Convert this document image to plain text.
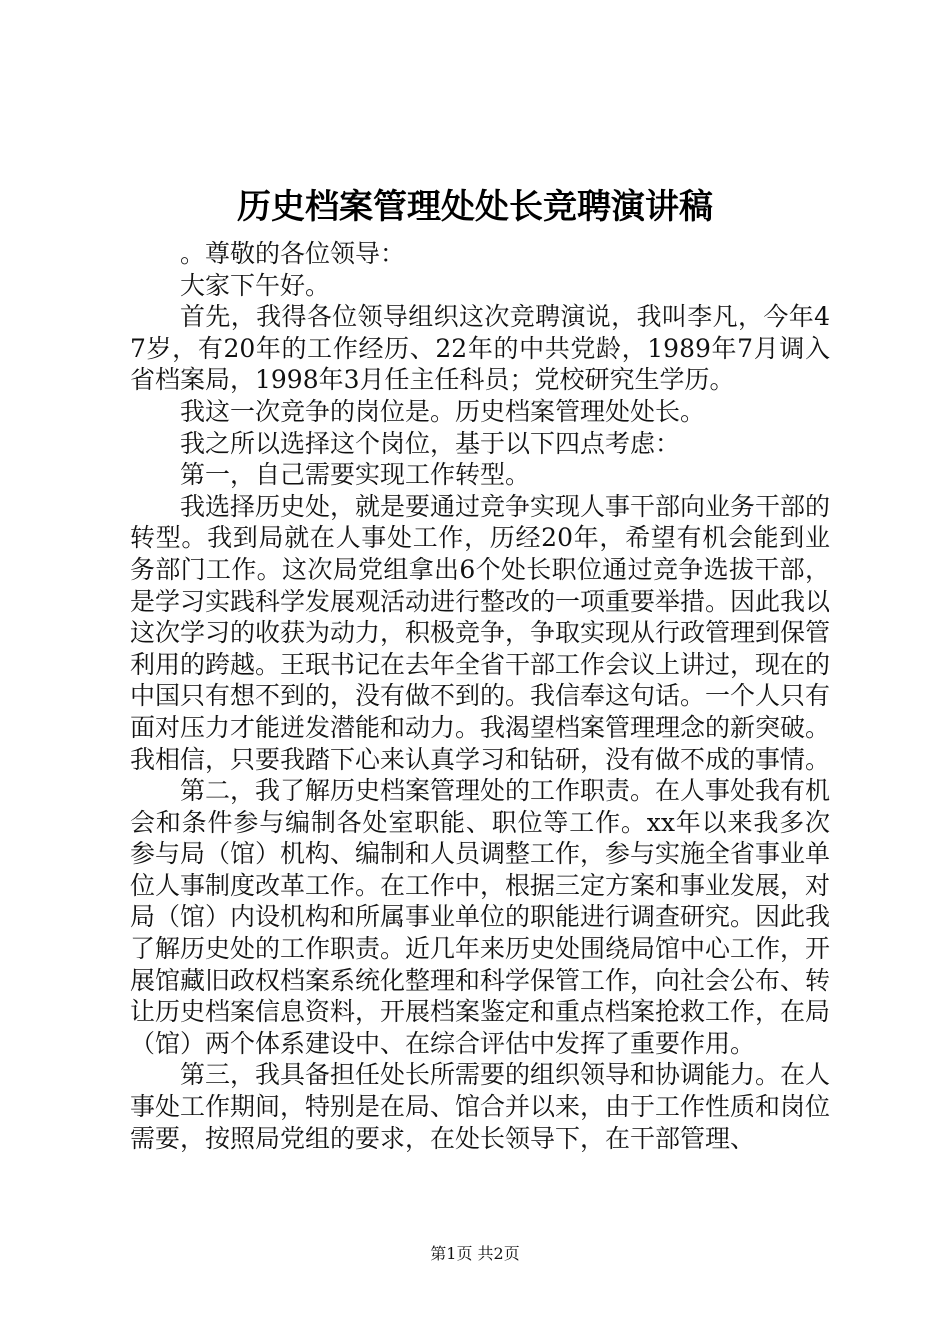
历史档案管理处处长竞聘演讲稿

。尊敬的各位领导：

大家下午好。

首先，我得各位领导组织这次竞聘演说，我叫李凡，今年47岁，有20年的工作经历、22年的中共党龄，1989年7月调入省档案局，1998年3月任主任科员；党校研究生学历。

我这一次竞争的岗位是。历史档案管理处处长。

我之所以选择这个岗位，基于以下四点考虑：

第一，自己需要实现工作转型。

我选择历史处，就是要通过竞争实现人事干部向业务干部的转型。我到局就在人事处工作，历经20年，希望有机会能到业务部门工作。这次局党组拿出6个处长职位通过竞争选拔干部，是学习实践科学发展观活动进行整改的一项重要举措。因此我以这次学习的收获为动力，积极竞争，争取实现从行政管理到保管利用的跨越。王珉书记在去年全省干部工作会议上讲过，现在的中国只有想不到的，没有做不到的。我信奉这句话。一个人只有面对压力才能迸发潜能和动力。我渴望档案管理理念的新突破。我相信，只要我踏下心来认真学习和钻研，没有做不成的事情。

第二，我了解历史档案管理处的工作职责。在人事处我有机会和条件参与编制各处室职能、职位等工作。xx年以来我多次参与局（馆）机构、编制和人员调整工作，参与实施全省事业单位人事制度改革工作。在工作中，根据三定方案和事业发展，对局（馆）内设机构和所属事业单位的职能进行调查研究。因此我了解历史处的工作职责。近几年来历史处围绕局馆中心工作，开展馆藏旧政权档案系统化整理和科学保管工作，向社会公布、转让历史档案信息资料，开展档案鉴定和重点档案抢救工作，在局（馆）两个体系建设中、在综合评估中发挥了重要作用。

第三，我具备担任处长所需要的组织领导和协调能力。在人事处工作期间，特别是在局、馆合并以来，由于工作性质和岗位需要，按照局党组的要求，在处长领导下，在干部管理、

第1页 共2页
